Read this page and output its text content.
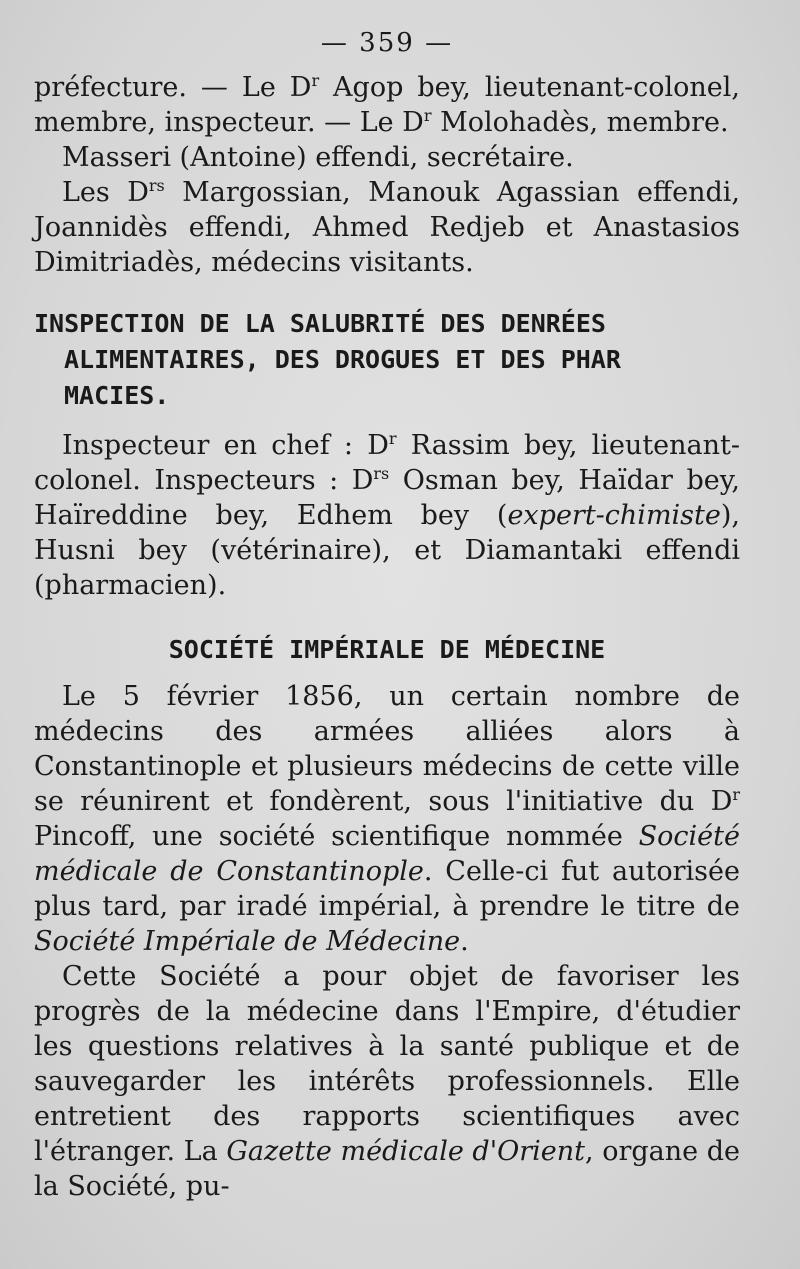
— 359 —

préfecture. — Le $D^r$ Agop bey, lieutenant-colonel, membre, inspecteur. — Le $D^r$ Molohadès, membre.

Masseri (Antoine) effendi, secrétaire.

Les $D^{rs}$ Margossian, Manouk Agassian effendi, Joannidès effendi, Ahmed Redjeb et Anastasios Dimitriadès, médecins visitants.

INSPECTION DE LA SALUBRITÉ DES DENRÉES
ALIMENTAIRES, DES DROGUES ET DES PHAR
MACIES.

Inspecteur en chef : $D^r$ Rassim bey, lieutenant-colonel. Inspecteurs : $D^{rs}$ Osman bey, Haïdar bey, Haïreddine bey, Edhem bey (expert-chimiste), Husni bey (vétérinaire), et Diamantaki effendi (pharmacien).

SOCIÉTÉ IMPÉRIALE DE MÉDECINE

Le 5 février 1856, un certain nombre de médecins des armées alliées alors à Constantinople et plusieurs médecins de cette ville se réunirent et fondèrent, sous l'initiative du $D^r$ Pincoff, une société scientifique nommée Société médicale de Constantinople. Celle-ci fut autorisée plus tard, par iradé impérial, à prendre le titre de Société Impériale de Médecine.

Cette Société a pour objet de favoriser les progrès de la médecine dans l'Empire, d'étudier les questions relatives à la santé publique et de sauvegarder les intérêts professionnels. Elle entretient des rapports scientifiques avec l'étranger. La Gazette médicale d'Orient, organe de la Société, pu-
